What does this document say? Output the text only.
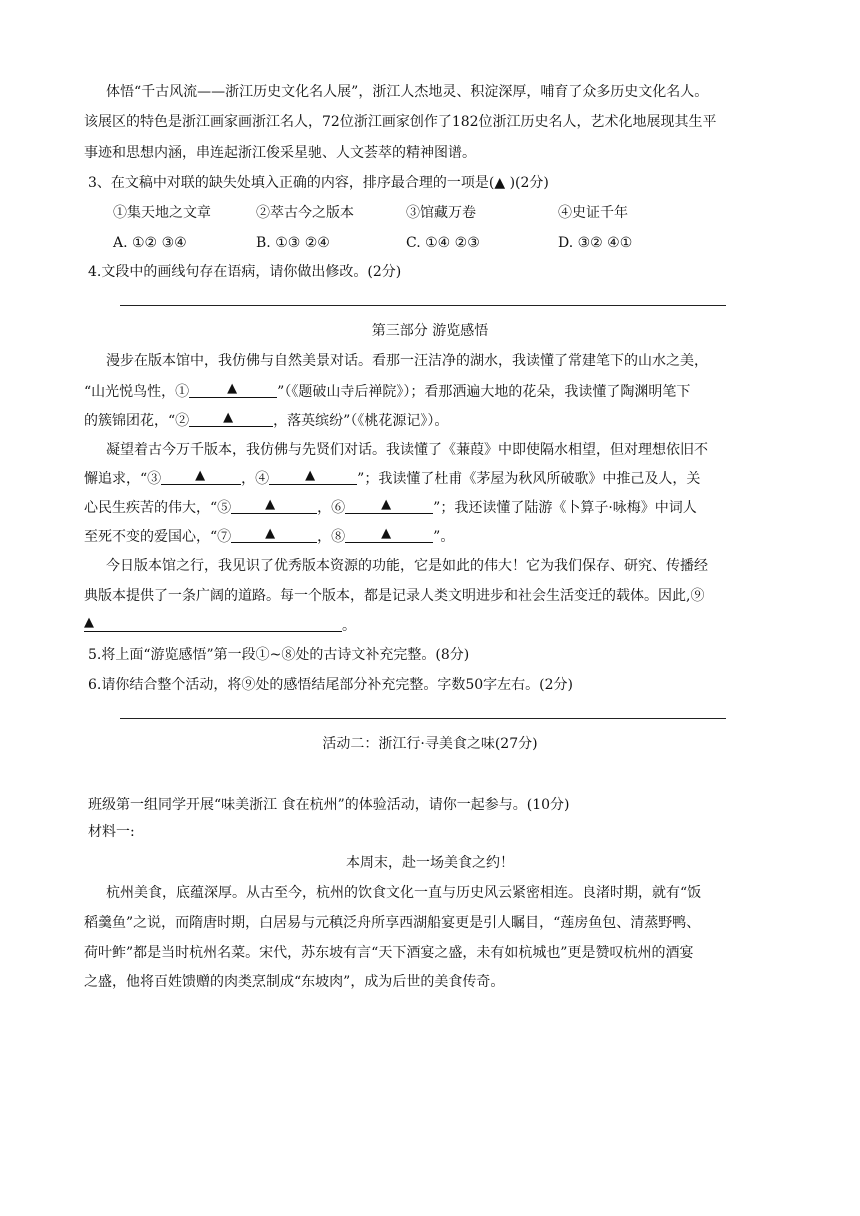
体悟“千古风流——浙江历史文化名人展”，浙江人杰地灵、积淀深厚，哺育了众多历史文化名人。
该展区的特色是浙江画家画浙江名人，72位浙江画家创作了182位浙江历史名人，艺术化地展现其生平
事迹和思想内涵，串连起浙江俊采星驰、人文荟萃的精神图谱。
3、在文稿中对联的缺失处填入正确的内容，排序最合理的一项是(▲ )(2分)
①集天地之文章	②萃古今之版本	③馆藏万卷	④史证千年
A. ①② ③④	B. ①③ ②④	C. ①④ ②③	D. ③② ④①
4.文段中的画线句存在语病，请你做出修改。(2分)
第三部分 游览感悟
漫步在版本馆中，我仿佛与自然美景对话。看那一汪洁净的湖水，我读懂了常建笔下的山水之美，
“山光悦鸟性，①	▲	”（《题破山寺后禅院》）；看那洒遍大地的花朵，我读懂了陶渊明笔下
的簇锦团花，“②	▲	，落英缤纷”（《桃花源记》）。
凝望着古今万千版本，我仿佛与先贤们对话。我读懂了《蒹葭》中即使隔水相望，但对理想依旧不
懈追求，“③	▲	，④	▲	”；我读懂了杜甫《茅屋为秋风所破歌》中推己及人，关
心民生疾苦的伟大，“⑤	▲	，⑥	▲	”；我还读懂了陆游《卜算子·咏梅》中词人
至死不变的爱国心，“⑦	▲	，⑧	▲	”。
今日版本馆之行，我见识了优秀版本资源的功能，它是如此的伟大！它为我们保存、研究、传播经
典版本提供了一条广阔的道路。每一个版本，都是记录人类文明进步和社会生活变迁的载体。因此,⑨
▲	。
5.将上面“游览感悟”第一段①~⑧处的古诗文补充完整。(8分)
6.请你结合整个活动，将⑨处的感悟结尾部分补充完整。字数50字左右。(2分)
活动二：浙江行·寻美食之味(27分)
班级第一组同学开展“味美浙江 食在杭州”的体验活动，请你一起参与。(10分)
材料一:
本周末，赴一场美食之约！
杭州美食，底蕴深厚。从古至今，杭州的饮食文化一直与历史风云紧密相连。良渚时期，就有“饭
稻羹鱼”之说，而隋唐时期，白居易与元稹泛舟所享西湖船宴更是引人瞩目，“莲房鱼包、清蒸野鸭、
荷叶鲊”都是当时杭州名菜。宋代，苏东坡有言“天下酒宴之盛，未有如杭城也”更是赞叹杭州的酒宴
之盛，他将百姓馈赠的肉类烹制成“东坡肉”，成为后世的美食传奇。
